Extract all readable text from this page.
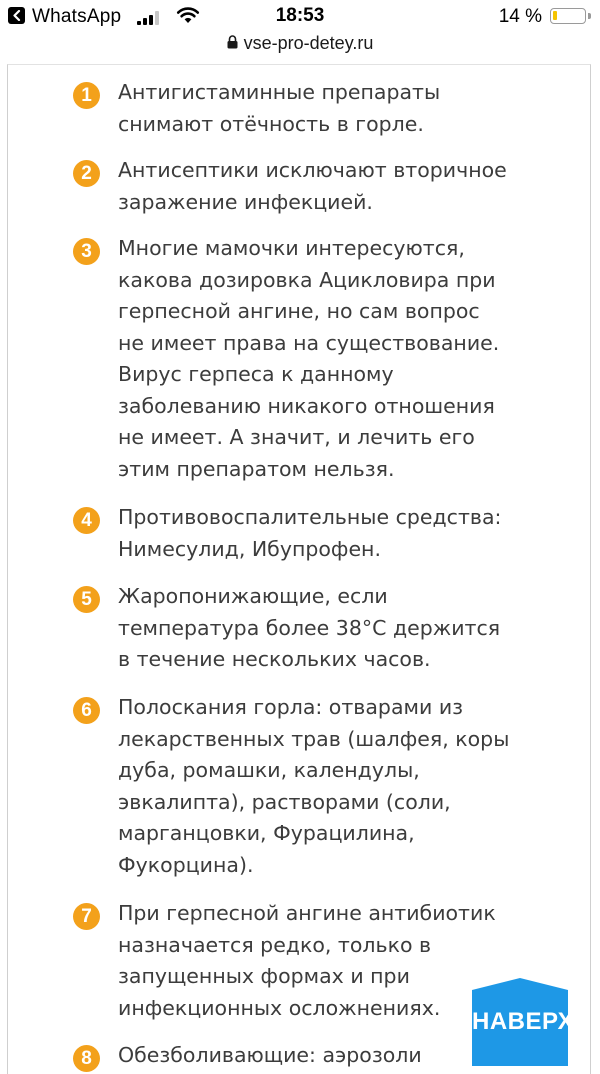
WhatsApp	18:53	14 %
vse-pro-detey.ru
1	Антигистаминные препараты
снимают отёчность в горле.
2	Антисептики исключают вторичное
заражение инфекцией.
3	Многие мамочки интересуются,
какова дозировка Ацикловира при
герпесной ангине, но сам вопрос
не имеет права на существование.
Вирус герпеса к данному
заболеванию никакого отношения
не имеет. А значит, и лечить его
этим препаратом нельзя.
4	Противовоспалительные средства:
Нимесулид, Ибупрофен.
5	Жаропонижающие, если
температура более 38°С держится
в течение нескольких часов.
6	Полоскания горла: отварами из
лекарственных трав (шалфея, коры
дуба, ромашки, календулы,
эвкалипта), растворами (соли,
марганцовки, Фурацилина,
Фукорцина).
7	При герпесной ангине антибиотик
назначается редко, только в
запущенных формах и при
инфекционных осложнениях.
8	Обезболивающие: аэрозоли
НАВЕРХ
